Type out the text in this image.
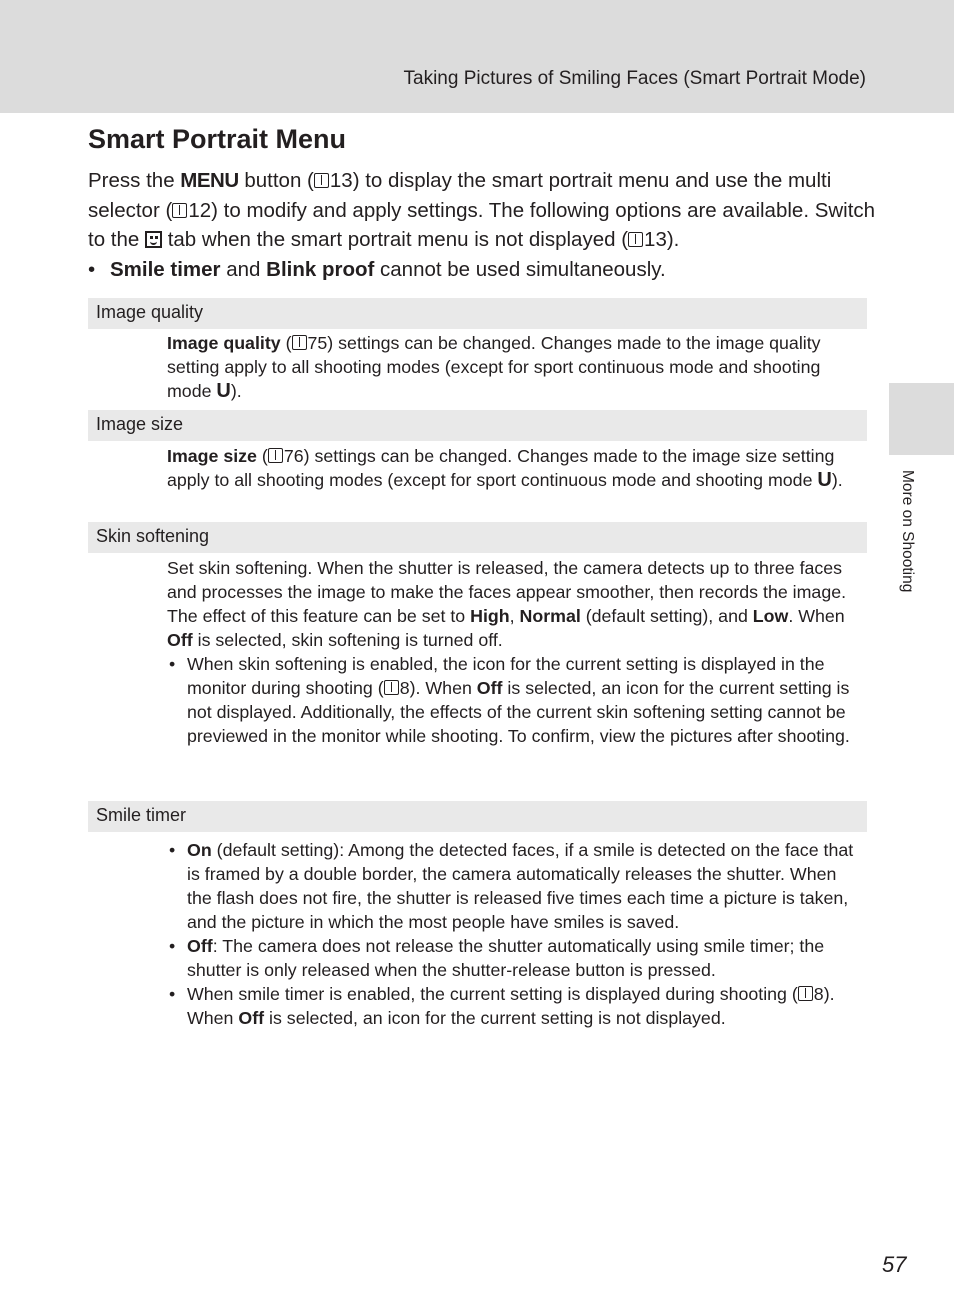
Taking Pictures of Smiling Faces (Smart Portrait Mode)
Smart Portrait Menu

Press the MENU button ( 13) to display the smart portrait menu and use the multi selector ( 12) to modify and apply settings. The following options are available. Switch to the  tab when the smart portrait menu is not displayed ( 13).

• Smile timer and Blink proof cannot be used simultaneously.
Image quality

Image quality ( 75) settings can be changed. Changes made to the image quality setting apply to all shooting modes (except for sport continuous mode and shooting mode U).

Image size

Image size ( 76) settings can be changed. Changes made to the image size setting apply to all shooting modes (except for sport continuous mode and shooting mode U).

Skin softening

Set skin softening. When the shutter is released, the camera detects up to three faces and processes the image to make the faces appear smoother, then records the image.

The effect of this feature can be set to High, Normal (default setting), and Low. When Off is selected, skin softening is turned off.

• When skin softening is enabled, the icon for the current setting is displayed in the monitor during shooting ( 8). When Off is selected, an icon for the current setting is not displayed. Additionally, the effects of the current skin softening setting cannot be previewed in the monitor while shooting. To confirm, view the pictures after shooting.
Smile timer
• On (default setting): Among the detected faces, if a smile is detected on the face that is framed by a double border, the camera automatically releases the shutter. When the flash does not fire, the shutter is released five times each time a picture is taken, and the picture in which the most people have smiles is saved.
• Off: The camera does not release the shutter automatically using smile timer; the shutter is only released when the shutter-release button is pressed.
• When smile timer is enabled, the current setting is displayed during shooting ( 8). When Off is selected, an icon for the current setting is not displayed.
More on Shooting
57
